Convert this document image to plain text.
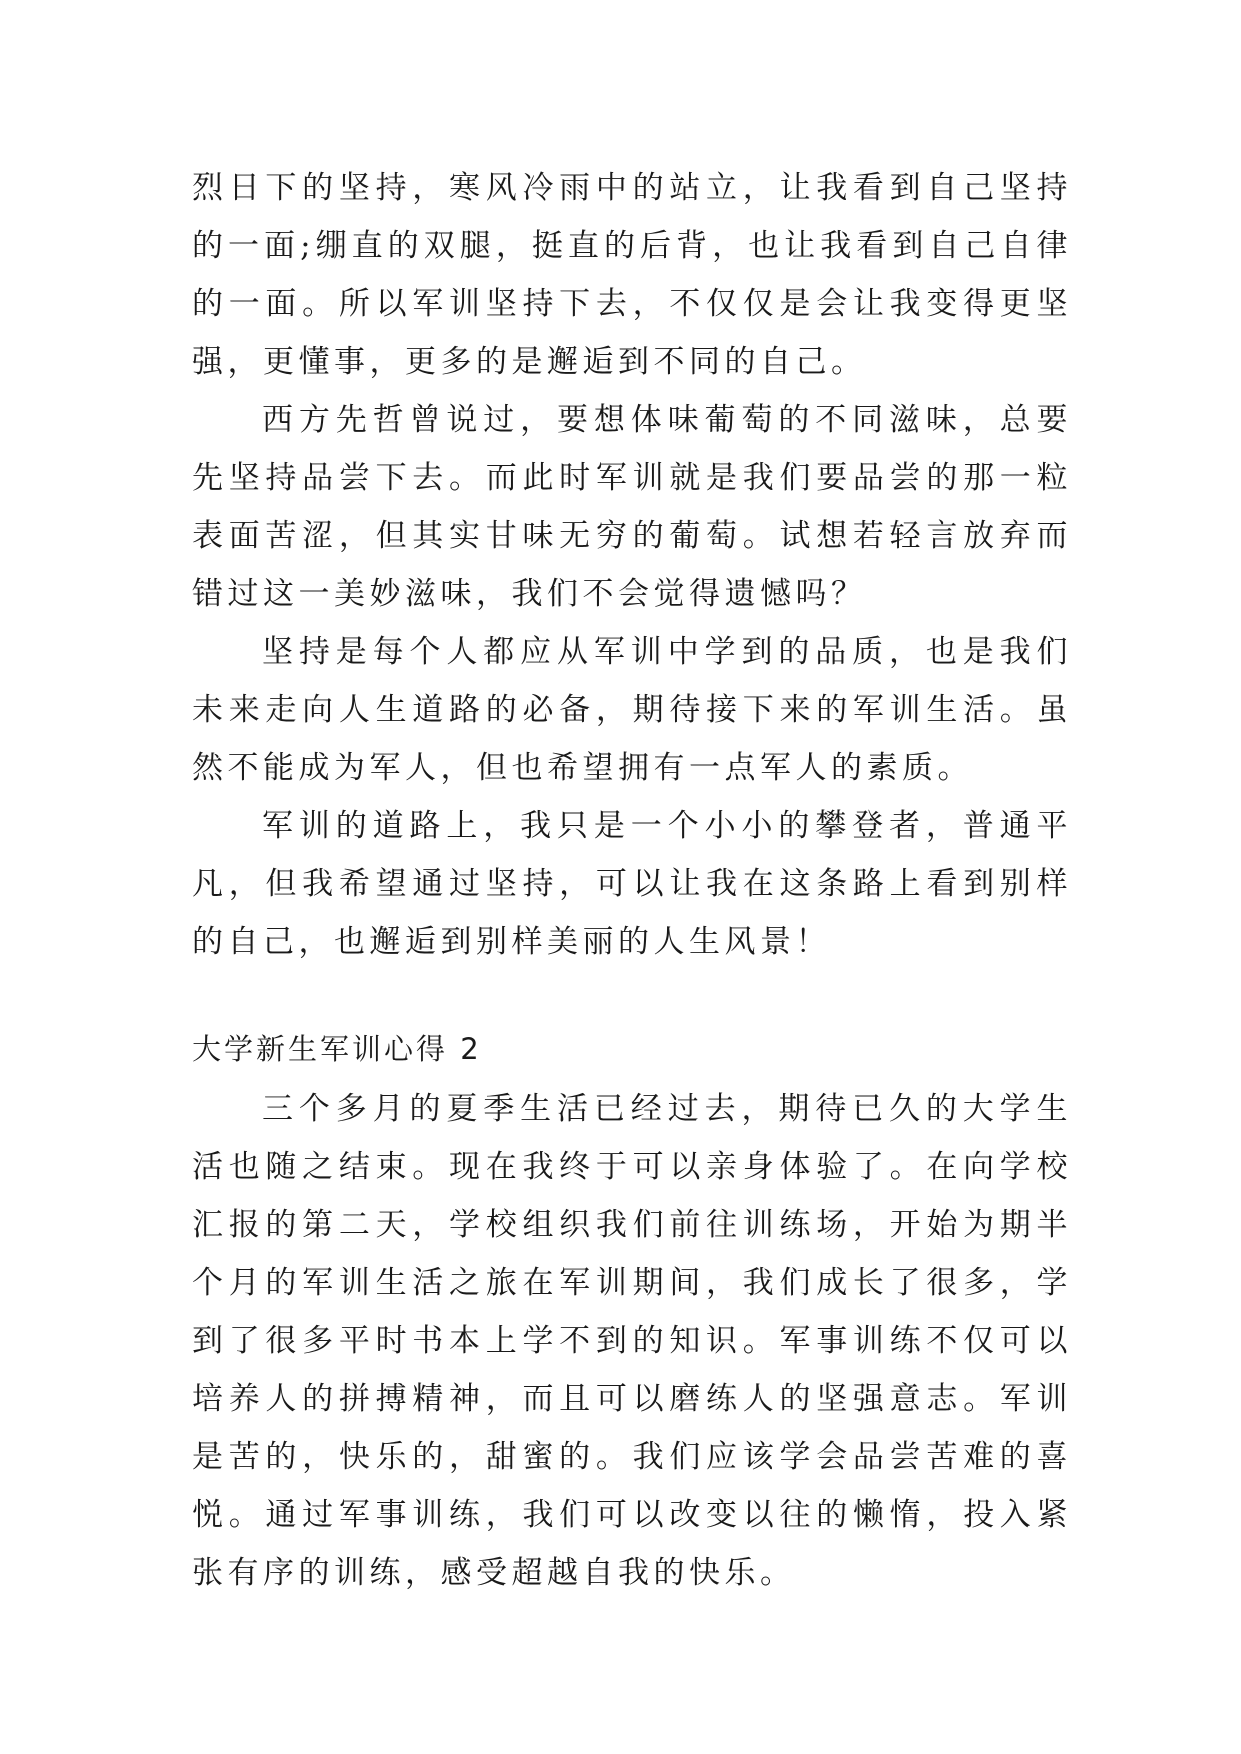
烈日下的坚持，寒风冷雨中的站立，让我看到自己坚持的一面;绷直的双腿，挺直的后背，也让我看到自己自律的一面。所以军训坚持下去，不仅仅是会让我变得更坚强，更懂事，更多的是邂逅到不同的自己。

西方先哲曾说过，要想体味葡萄的不同滋味，总要先坚持品尝下去。而此时军训就是我们要品尝的那一粒表面苦涩，但其实甘味无穷的葡萄。试想若轻言放弃而错过这一美妙滋味，我们不会觉得遗憾吗？

坚持是每个人都应从军训中学到的品质，也是我们未来走向人生道路的必备，期待接下来的军训生活。虽然不能成为军人，但也希望拥有一点军人的素质。

军训的道路上，我只是一个小小的攀登者，普通平凡，但我希望通过坚持，可以让我在这条路上看到别样的自己，也邂逅到别样美丽的人生风景！

大学新生军训心得 2

三个多月的夏季生活已经过去，期待已久的大学生活也随之结束。现在我终于可以亲身体验了。在向学校汇报的第二天，学校组织我们前往训练场，开始为期半个月的军训生活之旅在军训期间，我们成长了很多，学到了很多平时书本上学不到的知识。军事训练不仅可以培养人的拼搏精神，而且可以磨练人的坚强意志。军训是苦的，快乐的，甜蜜的。我们应该学会品尝苦难的喜悦。通过军事训练，我们可以改变以往的懒惰，投入紧张有序的训练，感受超越自我的快乐。
